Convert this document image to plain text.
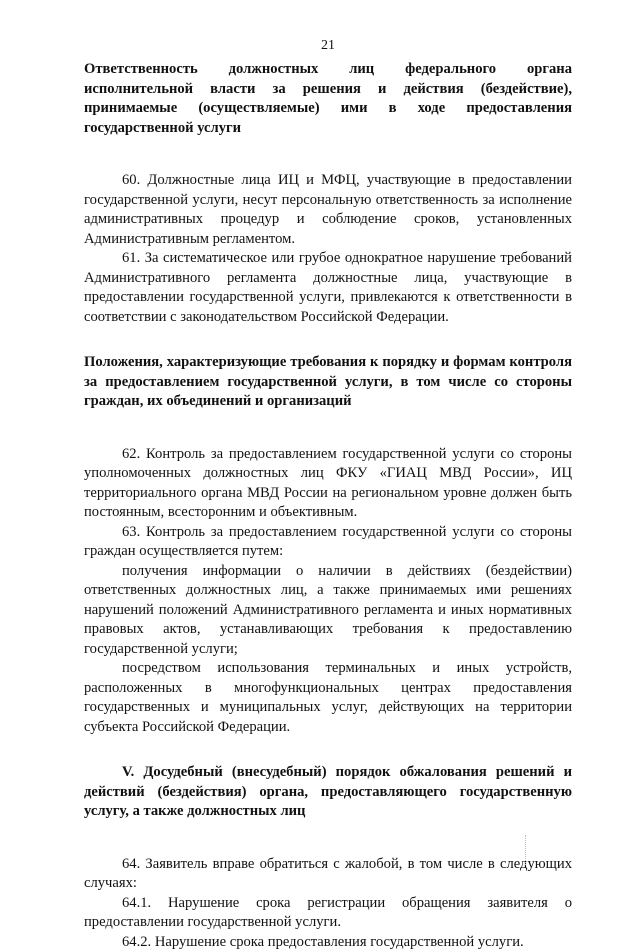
21
Ответственность должностных лиц федерального органа исполнительной власти за решения и действия (бездействие), принимаемые (осуществляемые) ими в ходе предоставления государственной услуги

60. Должностные лица ИЦ и МФЦ, участвующие в предоставлении государственной услуги, несут персональную ответственность за исполнение административных процедур и соблюдение сроков, установленных Административным регламентом.

61. За систематическое или грубое однократное нарушение требований Административного регламента должностные лица, участвующие в предоставлении государственной услуги, привлекаются к ответственности в соответствии с законодательством Российской Федерации.

Положения, характеризующие требования к порядку и формам контроля за предоставлением государственной услуги, в том числе со стороны граждан, их объединений и организаций

62. Контроль за предоставлением государственной услуги со стороны уполномоченных должностных лиц ФКУ «ГИАЦ МВД России», ИЦ территориального органа МВД России на региональном уровне должен быть постоянным, всесторонним и объективным.

63. Контроль за предоставлением государственной услуги со стороны граждан осуществляется путем:

получения информации о наличии в действиях (бездействии) ответственных должностных лиц, а также принимаемых ими решениях нарушений положений Административного регламента и иных нормативных правовых актов, устанавливающих требования к предоставлению государственной услуги;

посредством использования терминальных и иных устройств, расположенных в многофункциональных центрах предоставления государственных и муниципальных услуг, действующих на территории субъекта Российской Федерации.

V. Досудебный (внесудебный) порядок обжалования решений и действий (бездействия) органа, предоставляющего государственную услугу, а также должностных лиц

64. Заявитель вправе обратиться с жалобой, в том числе в следующих случаях:

64.1. Нарушение срока регистрации обращения заявителя о предоставлении государственной услуги.

64.2. Нарушение срока предоставления государственной услуги.
